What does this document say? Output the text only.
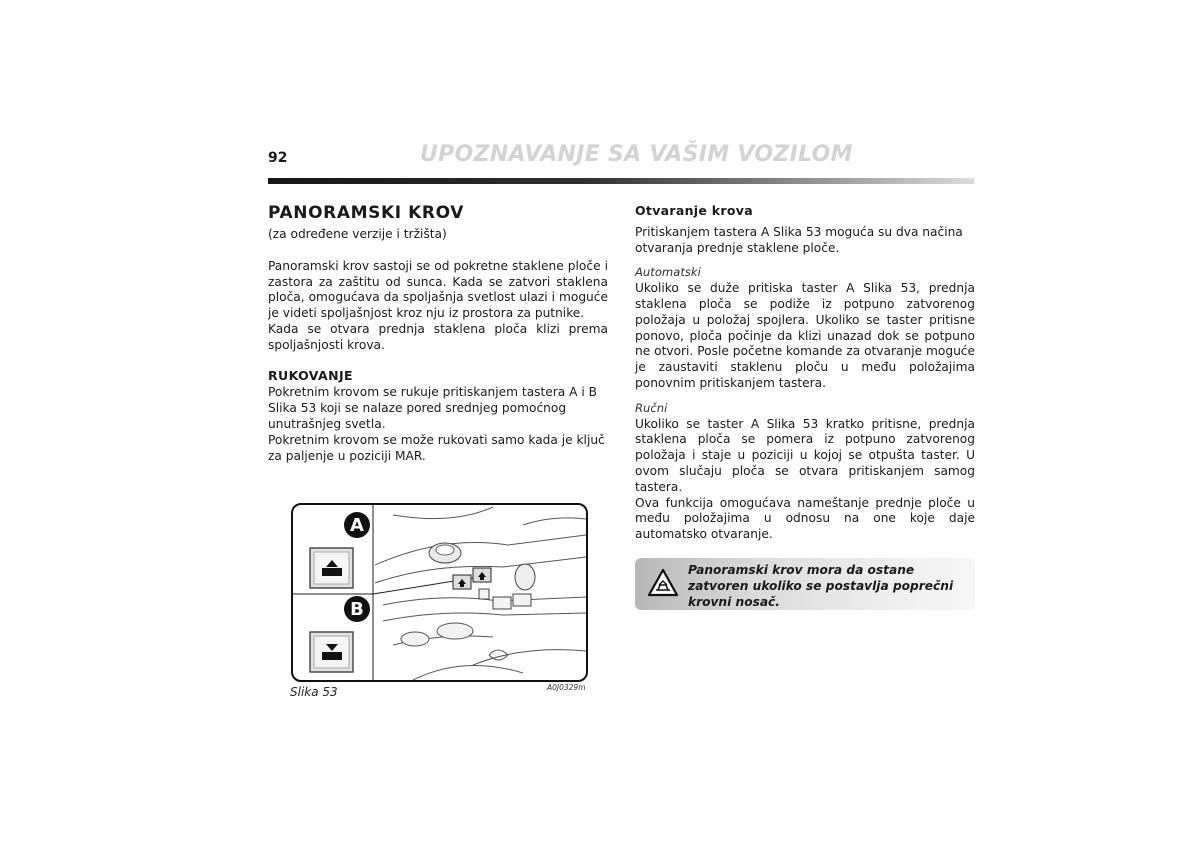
92	UPOZNAVANJE SA VAŠIM VOZILOM
PANORAMSKI KROV
(za određene verzije i tržišta)

Panoramski krov sastoji se od pokretne staklene ploče i zastora za zaštitu od sunca. Kada se zatvori staklena ploča, omogućava da spoljašnja svetlost ulazi i moguće je videti spoljašnjost kroz nju iz prostora za putnike.

Kada se otvara prednja staklena ploča klizi prema spoljašnjosti krova.

RUKOVANJE

Pokretnim krovom se rukuje pritiskanjem tastera A i B Slika 53 koji se nalaze pored srednjeg pomoćnog unutrašnjeg svetla.

Pokretnim krovom se može rukovati samo kada je ključ za paljenje u poziciji MAR.

A
B
Slika 53	A0J0329m
Otvaranje krova

Pritiskanjem tastera A Slika 53 moguća su dva načina otvaranja prednje staklene ploče.

Automatski

Ukoliko se duže pritiska taster A Slika 53, prednja staklena ploča se podiže iz potpuno zatvorenog položaja u položaj spojlera. Ukoliko se taster pritisne ponovo, ploča počinje da klizi unazad dok se potpuno ne otvori. Posle početne komande za otvaranje moguće je zaustaviti staklenu ploču u među položajima ponovnim pritiskanjem tastera.

Ručni

Ukoliko se taster A Slika 53 kratko pritisne, prednja staklena ploča se pomera iz potpuno zatvorenog položaja i staje u poziciji u kojoj se otpušta taster. U ovom slučaju ploča se otvara pritiskanjem samog tastera.

Ova funkcija omogućava nameštanje prednje ploče u među položajima u odnosu na one koje daje automatsko otvaranje.

Panoramski krov mora da ostane zatvoren ukoliko se postavlja poprečni krovni nosač.
